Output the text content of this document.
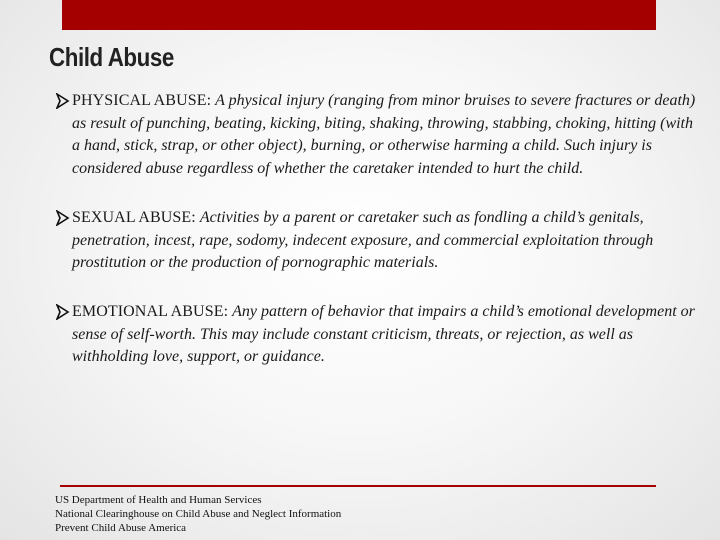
Child Abuse

PHYSICAL ABUSE: A physical injury (ranging from minor bruises to severe fractures or death) as result of punching, beating, kicking, biting, shaking, throwing, stabbing, choking, hitting (with a hand, stick, strap, or other object), burning, or otherwise harming a child. Such injury is considered abuse regardless of whether the caretaker intended to hurt the child.

SEXUAL ABUSE: Activities by a parent or caretaker such as fondling a child’s genitals, penetration, incest, rape, sodomy, indecent exposure, and commercial exploitation through prostitution or the production of pornographic materials.

EMOTIONAL ABUSE: Any pattern of behavior that impairs a child’s emotional development or sense of self-worth. This may include constant criticism, threats, or rejection, as well as withholding love, support, or guidance.

US Department of Health and Human Services
National Clearinghouse on Child Abuse and Neglect Information
Prevent Child Abuse America
